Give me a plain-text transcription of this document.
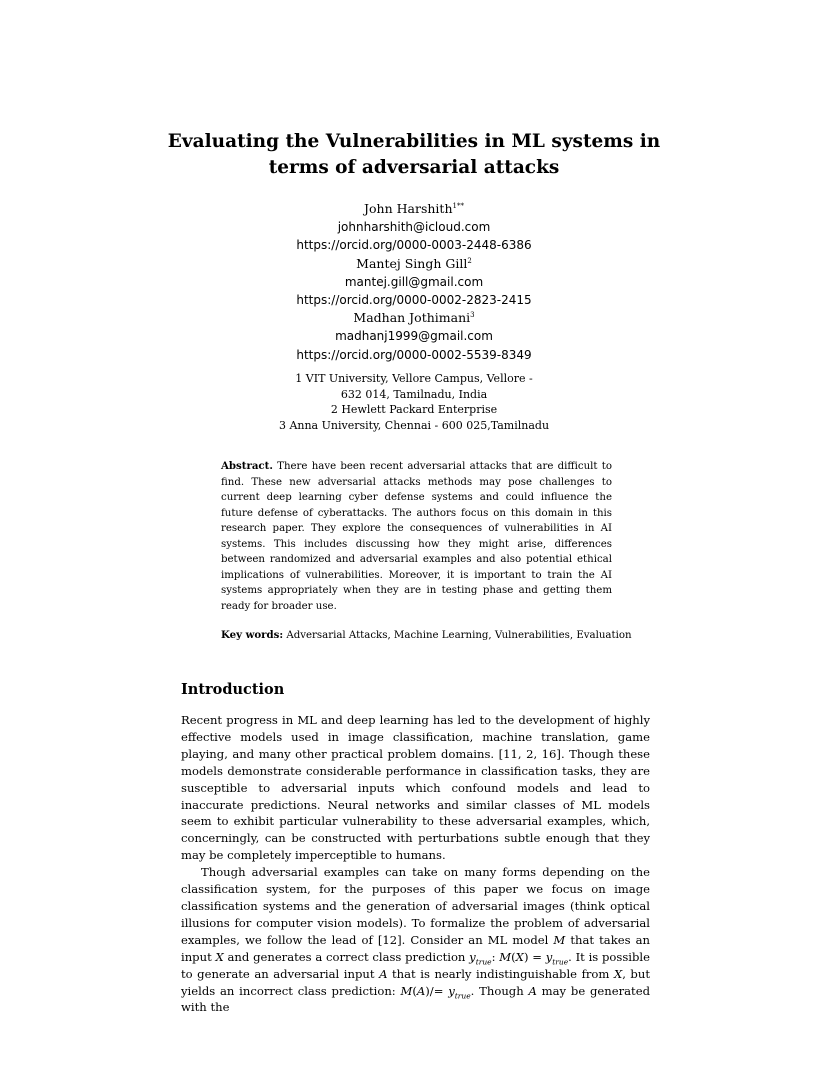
Evaluating the Vulnerabilities in ML systems in
terms of adversarial attacks
John Harshith$^{1**}$
johnharshith@icloud.com
https://orcid.org/0000-0003-2448-6386
Mantej Singh Gill$^2$
mantej.gill@gmail.com
https://orcid.org/0000-0002-2823-2415
Madhan Jothimani$^3$
madhanj1999@gmail.com
https://orcid.org/0000-0002-5539-8349
1 VIT University, Vellore Campus, Vellore -
632 014, Tamilnadu, India
2 Hewlett Packard Enterprise
3 Anna University, Chennai - 600 025,Tamilnadu
Abstract. There have been recent adversarial attacks that are difficult to find. These new adversarial attacks methods may pose challenges to current deep learning cyber defense systems and could influence the future defense of cyberattacks. The authors focus on this domain in this research paper. They explore the consequences of vulnerabilities in AI systems. This includes discussing how they might arise, differences between randomized and adversarial examples and also potential ethical implications of vulnerabilities. Moreover, it is important to train the AI systems appropriately when they are in testing phase and getting them ready for broader use.
Key words: Adversarial Attacks, Machine Learning, Vulnerabilities, Evaluation
Introduction

Recent progress in ML and deep learning has led to the development of highly effective models used in image classification, machine translation, game playing, and many other practical problem domains. [11, 2, 16]. Though these models demonstrate considerable performance in classification tasks, they are susceptible to adversarial inputs which confound models and lead to inaccurate predictions. Neural networks and similar classes of ML models seem to exhibit particular vulnerability to these adversarial examples, which, concerningly, can be constructed with perturbations subtle enough that they may be completely imperceptible to humans.

Though adversarial examples can take on many forms depending on the classification system, for the purposes of this paper we focus on image classification systems and the generation of adversarial images (think optical illusions for computer vision models). To formalize the problem of adversarial examples, we follow the lead of [12]. Consider an ML model M that takes an input X and generates a correct class prediction $y_{true}$: $M(X) = y_{true}$. It is possible to generate an adversarial input A that is nearly indistinguishable from X, but yields an incorrect class prediction: $M(A)/= y_{true}$. Though A may be generated with the
